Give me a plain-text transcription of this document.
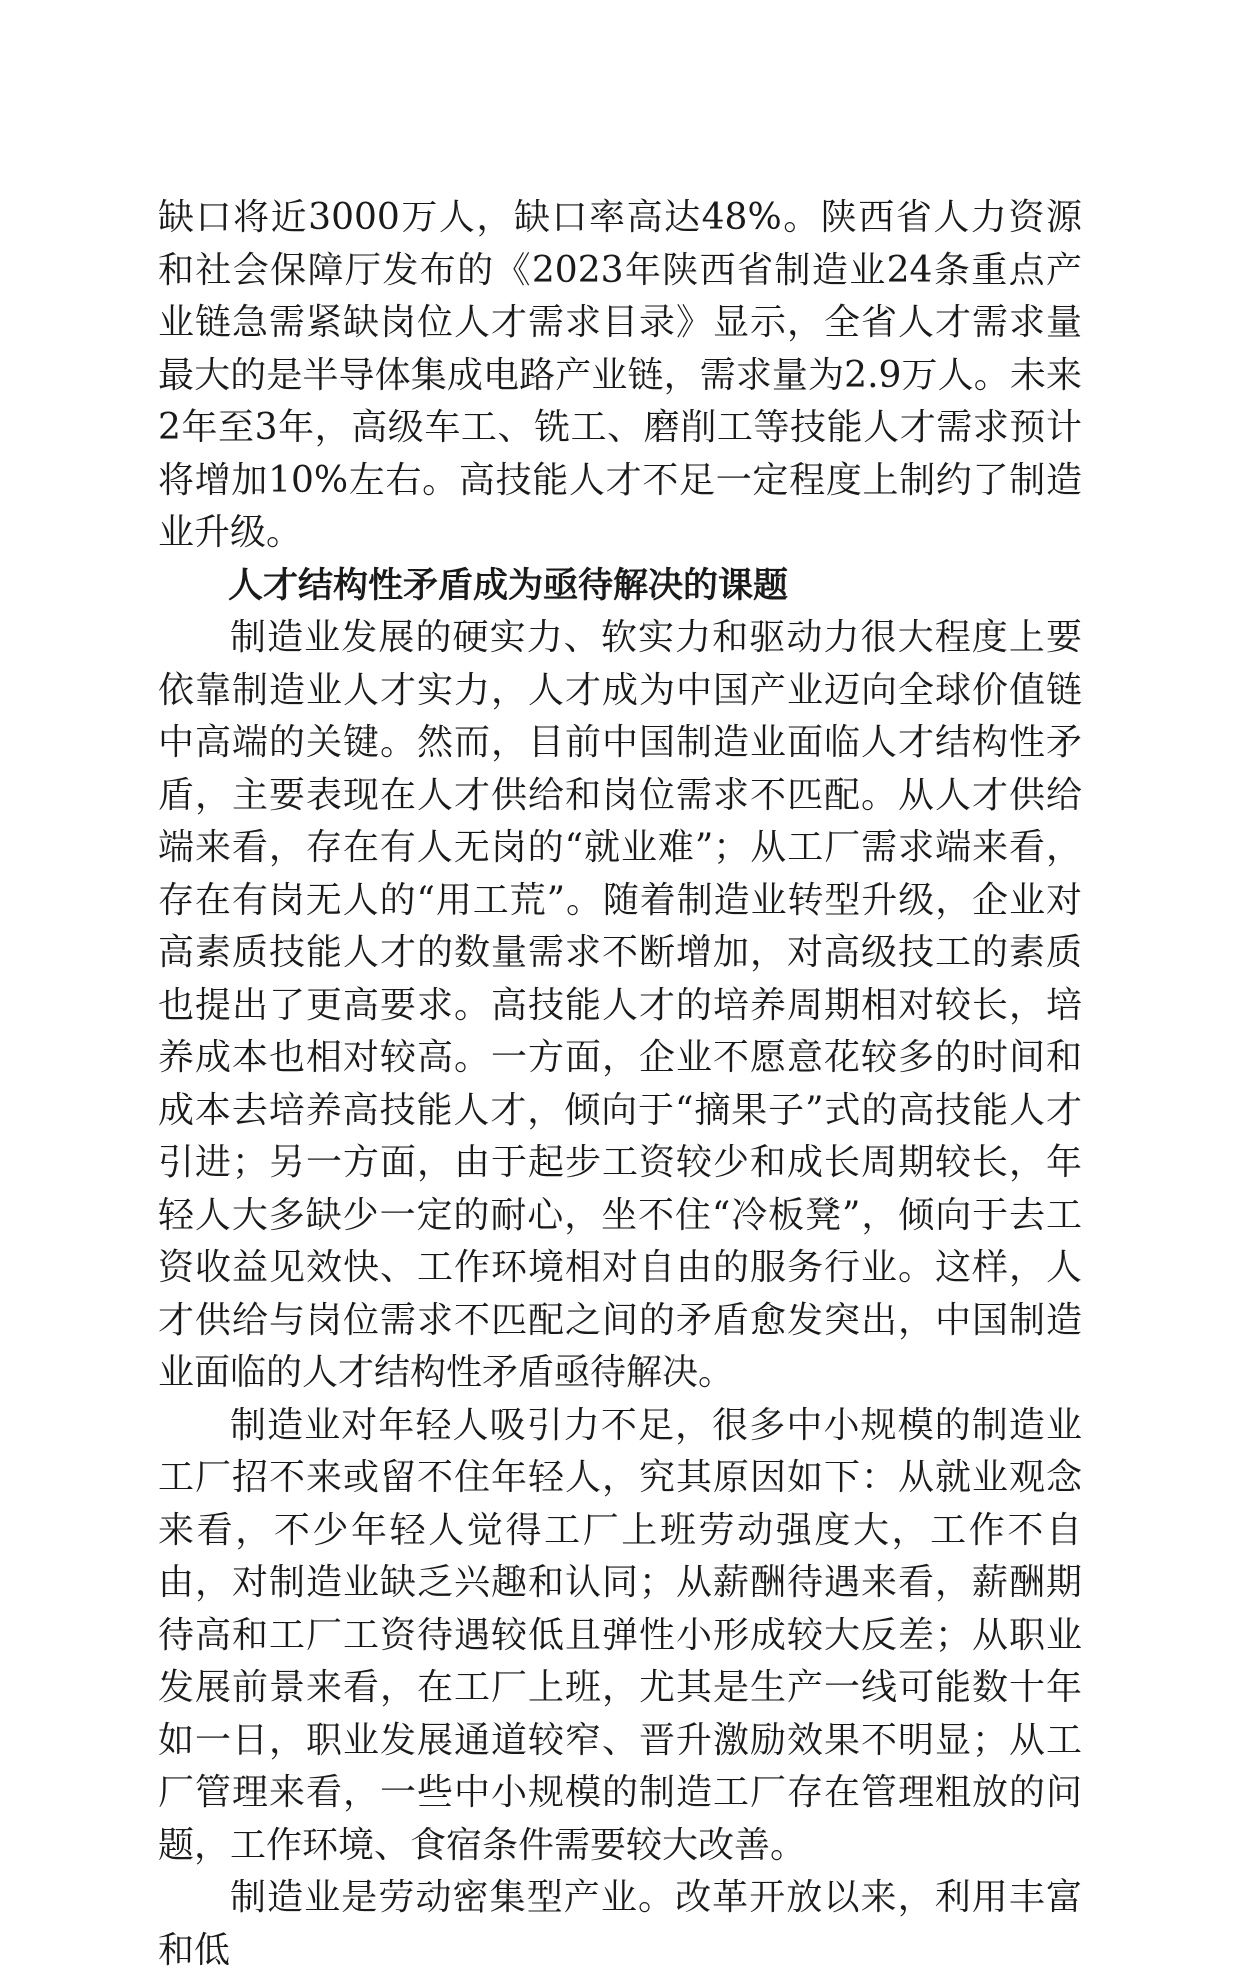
缺口将近3000万人，缺口率高达48%。陕西省人力资源和社会保障厅发布的《2023年陕西省制造业24条重点产业链急需紧缺岗位人才需求目录》显示，全省人才需求量最大的是半导体集成电路产业链，需求量为2.9万人。未来2年至3年，高级车工、铣工、磨削工等技能人才需求预计将增加10%左右。高技能人才不足一定程度上制约了制造业升级。

人才结构性矛盾成为亟待解决的课题

制造业发展的硬实力、软实力和驱动力很大程度上要依靠制造业人才实力，人才成为中国产业迈向全球价值链中高端的关键。然而，目前中国制造业面临人才结构性矛盾，主要表现在人才供给和岗位需求不匹配。从人才供给端来看，存在有人无岗的“就业难”；从工厂需求端来看，存在有岗无人的“用工荒”。随着制造业转型升级，企业对高素质技能人才的数量需求不断增加，对高级技工的素质也提出了更高要求。高技能人才的培养周期相对较长，培养成本也相对较高。一方面，企业不愿意花较多的时间和成本去培养高技能人才，倾向于“摘果子”式的高技能人才引进；另一方面，由于起步工资较少和成长周期较长，年轻人大多缺少一定的耐心，坐不住“冷板凳”，倾向于去工资收益见效快、工作环境相对自由的服务行业。这样，人才供给与岗位需求不匹配之间的矛盾愈发突出，中国制造业面临的人才结构性矛盾亟待解决。

制造业对年轻人吸引力不足，很多中小规模的制造业工厂招不来或留不住年轻人，究其原因如下：从就业观念来看，不少年轻人觉得工厂上班劳动强度大，工作不自由，对制造业缺乏兴趣和认同；从薪酬待遇来看，薪酬期待高和工厂工资待遇较低且弹性小形成较大反差；从职业发展前景来看，在工厂上班，尤其是生产一线可能数十年如一日，职业发展通道较窄、晋升激励效果不明显；从工厂管理来看，一些中小规模的制造工厂存在管理粗放的问题，工作环境、食宿条件需要较大改善。

制造业是劳动密集型产业。改革开放以来，利用丰富和低
